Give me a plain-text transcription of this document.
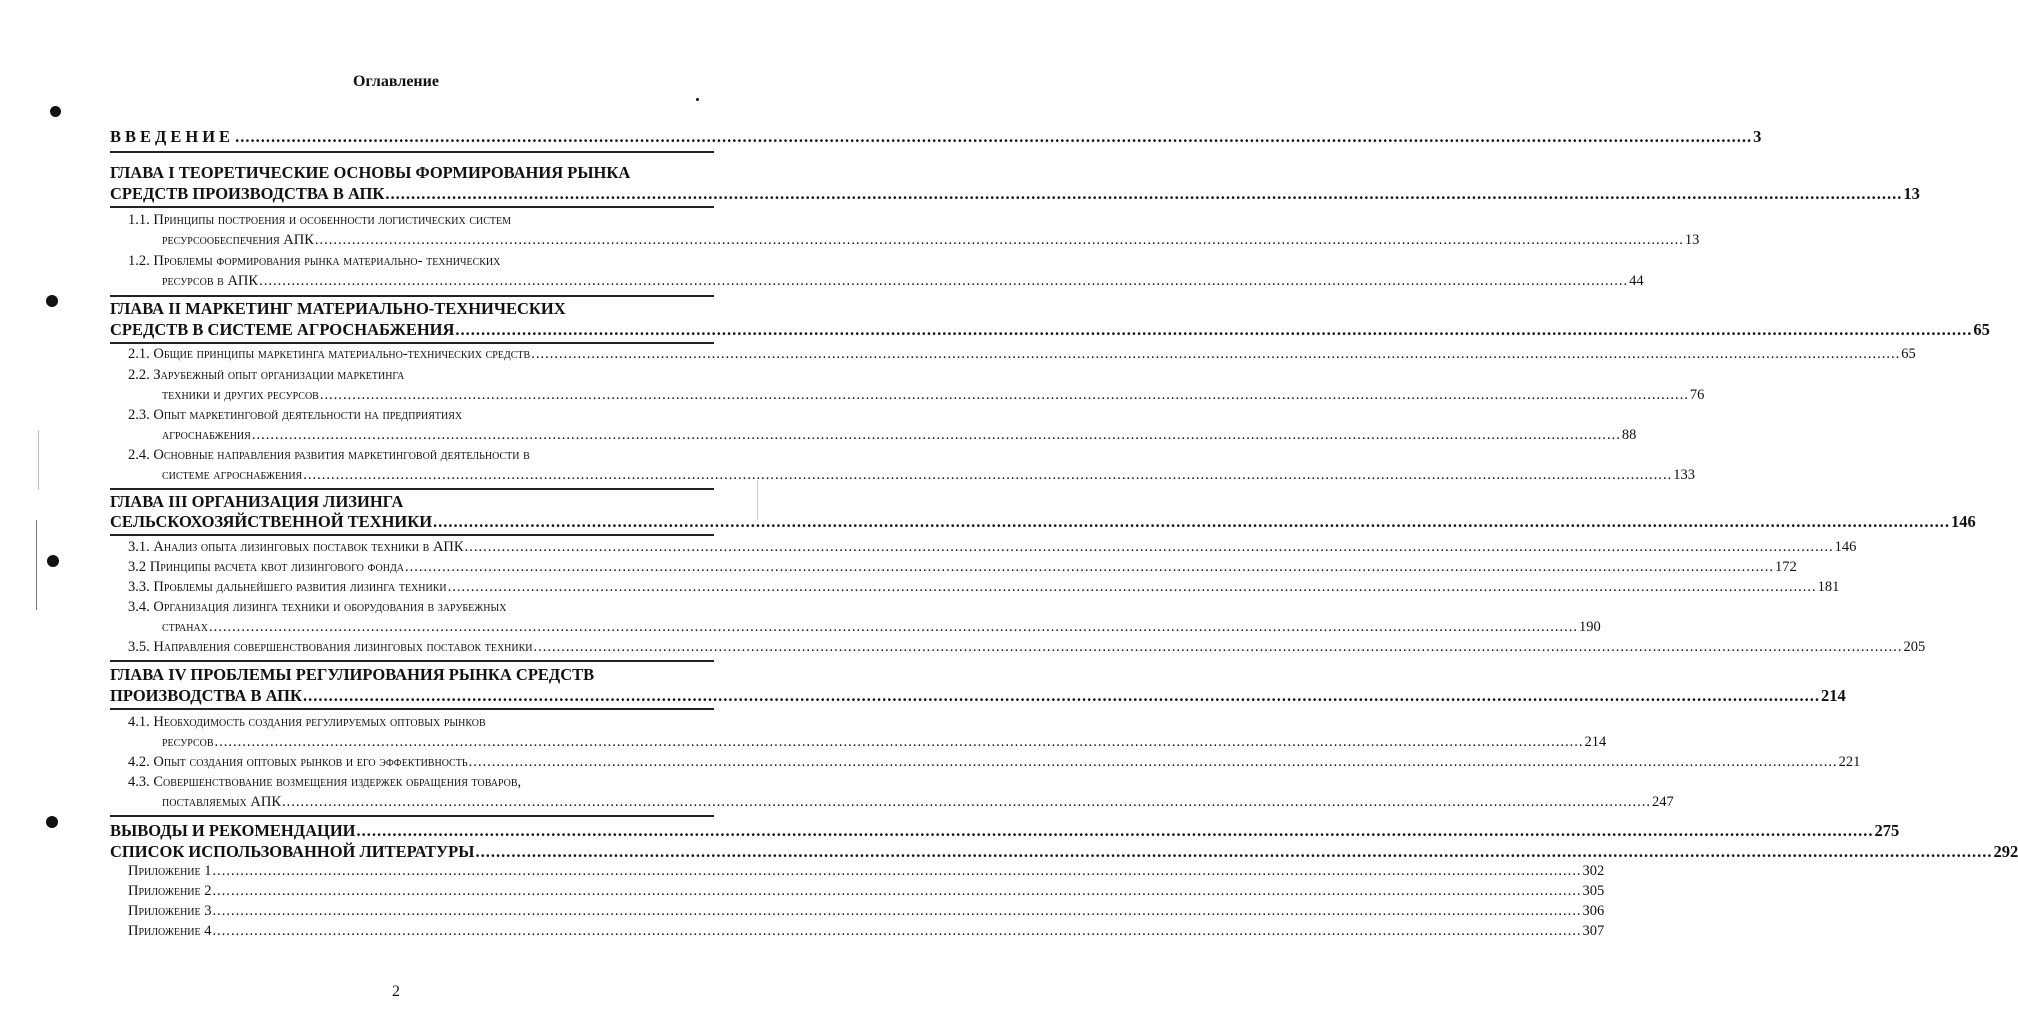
Оглавление
ВВЕДЕНИЕ .....	3
ГЛАВА I ТЕОРЕТИЧЕСКИЕ ОСНОВЫ ФОРМИРОВАНИЯ РЫНКА
СРЕДСТВ ПРОИЗВОДСТВА В АПК .....	13
1.1. Принципы построения и особенности логистических систем
ресурсообеспечения АПК .....	13
1.2. Проблемы формирования рынка материально- технических
ресурсов в АПК .....	44
ГЛАВА II МАРКЕТИНГ МАТЕРИАЛЬНО-ТЕХНИЧЕСКИХ
СРЕДСТВ В СИСТЕМЕ АГРОСНАБЖЕНИЯ .....	65
2.1. Общие принципы маркетинга материально-технических средств .....	65
2.2. Зарубежный опыт организации маркетинга
техники и других ресурсов .....	76
2.3. Опыт маркетинговой деятельности на предприятиях
агроснабжения .....	88
2.4. Основные направления развития маркетинговой деятельности в
системе агроснабжения .....	133
ГЛАВА III ОРГАНИЗАЦИЯ ЛИЗИНГА
СЕЛЬСКОХОЗЯЙСТВЕННОЙ ТЕХНИКИ .....	146
3.1. Анализ опыта лизинговых поставок техники в АПК .....	146
3.2 Принципы расчета квот лизингового фонда .....	172
3.3. Проблемы дальнейшего развития лизинга техники .....	181
3.4. Организация лизинга техники и оборудования в зарубежных
странах .....	190
3.5. Направления совершенствования лизинговых поставок техники .....	205
ГЛАВА IV ПРОБЛЕМЫ РЕГУЛИРОВАНИЯ РЫНКА СРЕДСТВ
ПРОИЗВОДСТВА В АПК .....	214
4.1. Необходимость создания регулируемых оптовых рынков
ресурсов .....	214
4.2. Опыт создания оптовых рынков и его эффективность .....	221
4.3. Совершенствование возмещения издержек обращения товаров,
поставляемых АПК .....	247
ВЫВОДЫ И РЕКОМЕНДАЦИИ .....	275
СПИСОК ИСПОЛЬЗОВАННОЙ ЛИТЕРАТУРЫ .....	292
Приложение 1 .....	302
Приложение 2 .....	305
Приложение 3 .....	306
Приложение 4 .....	307
2
